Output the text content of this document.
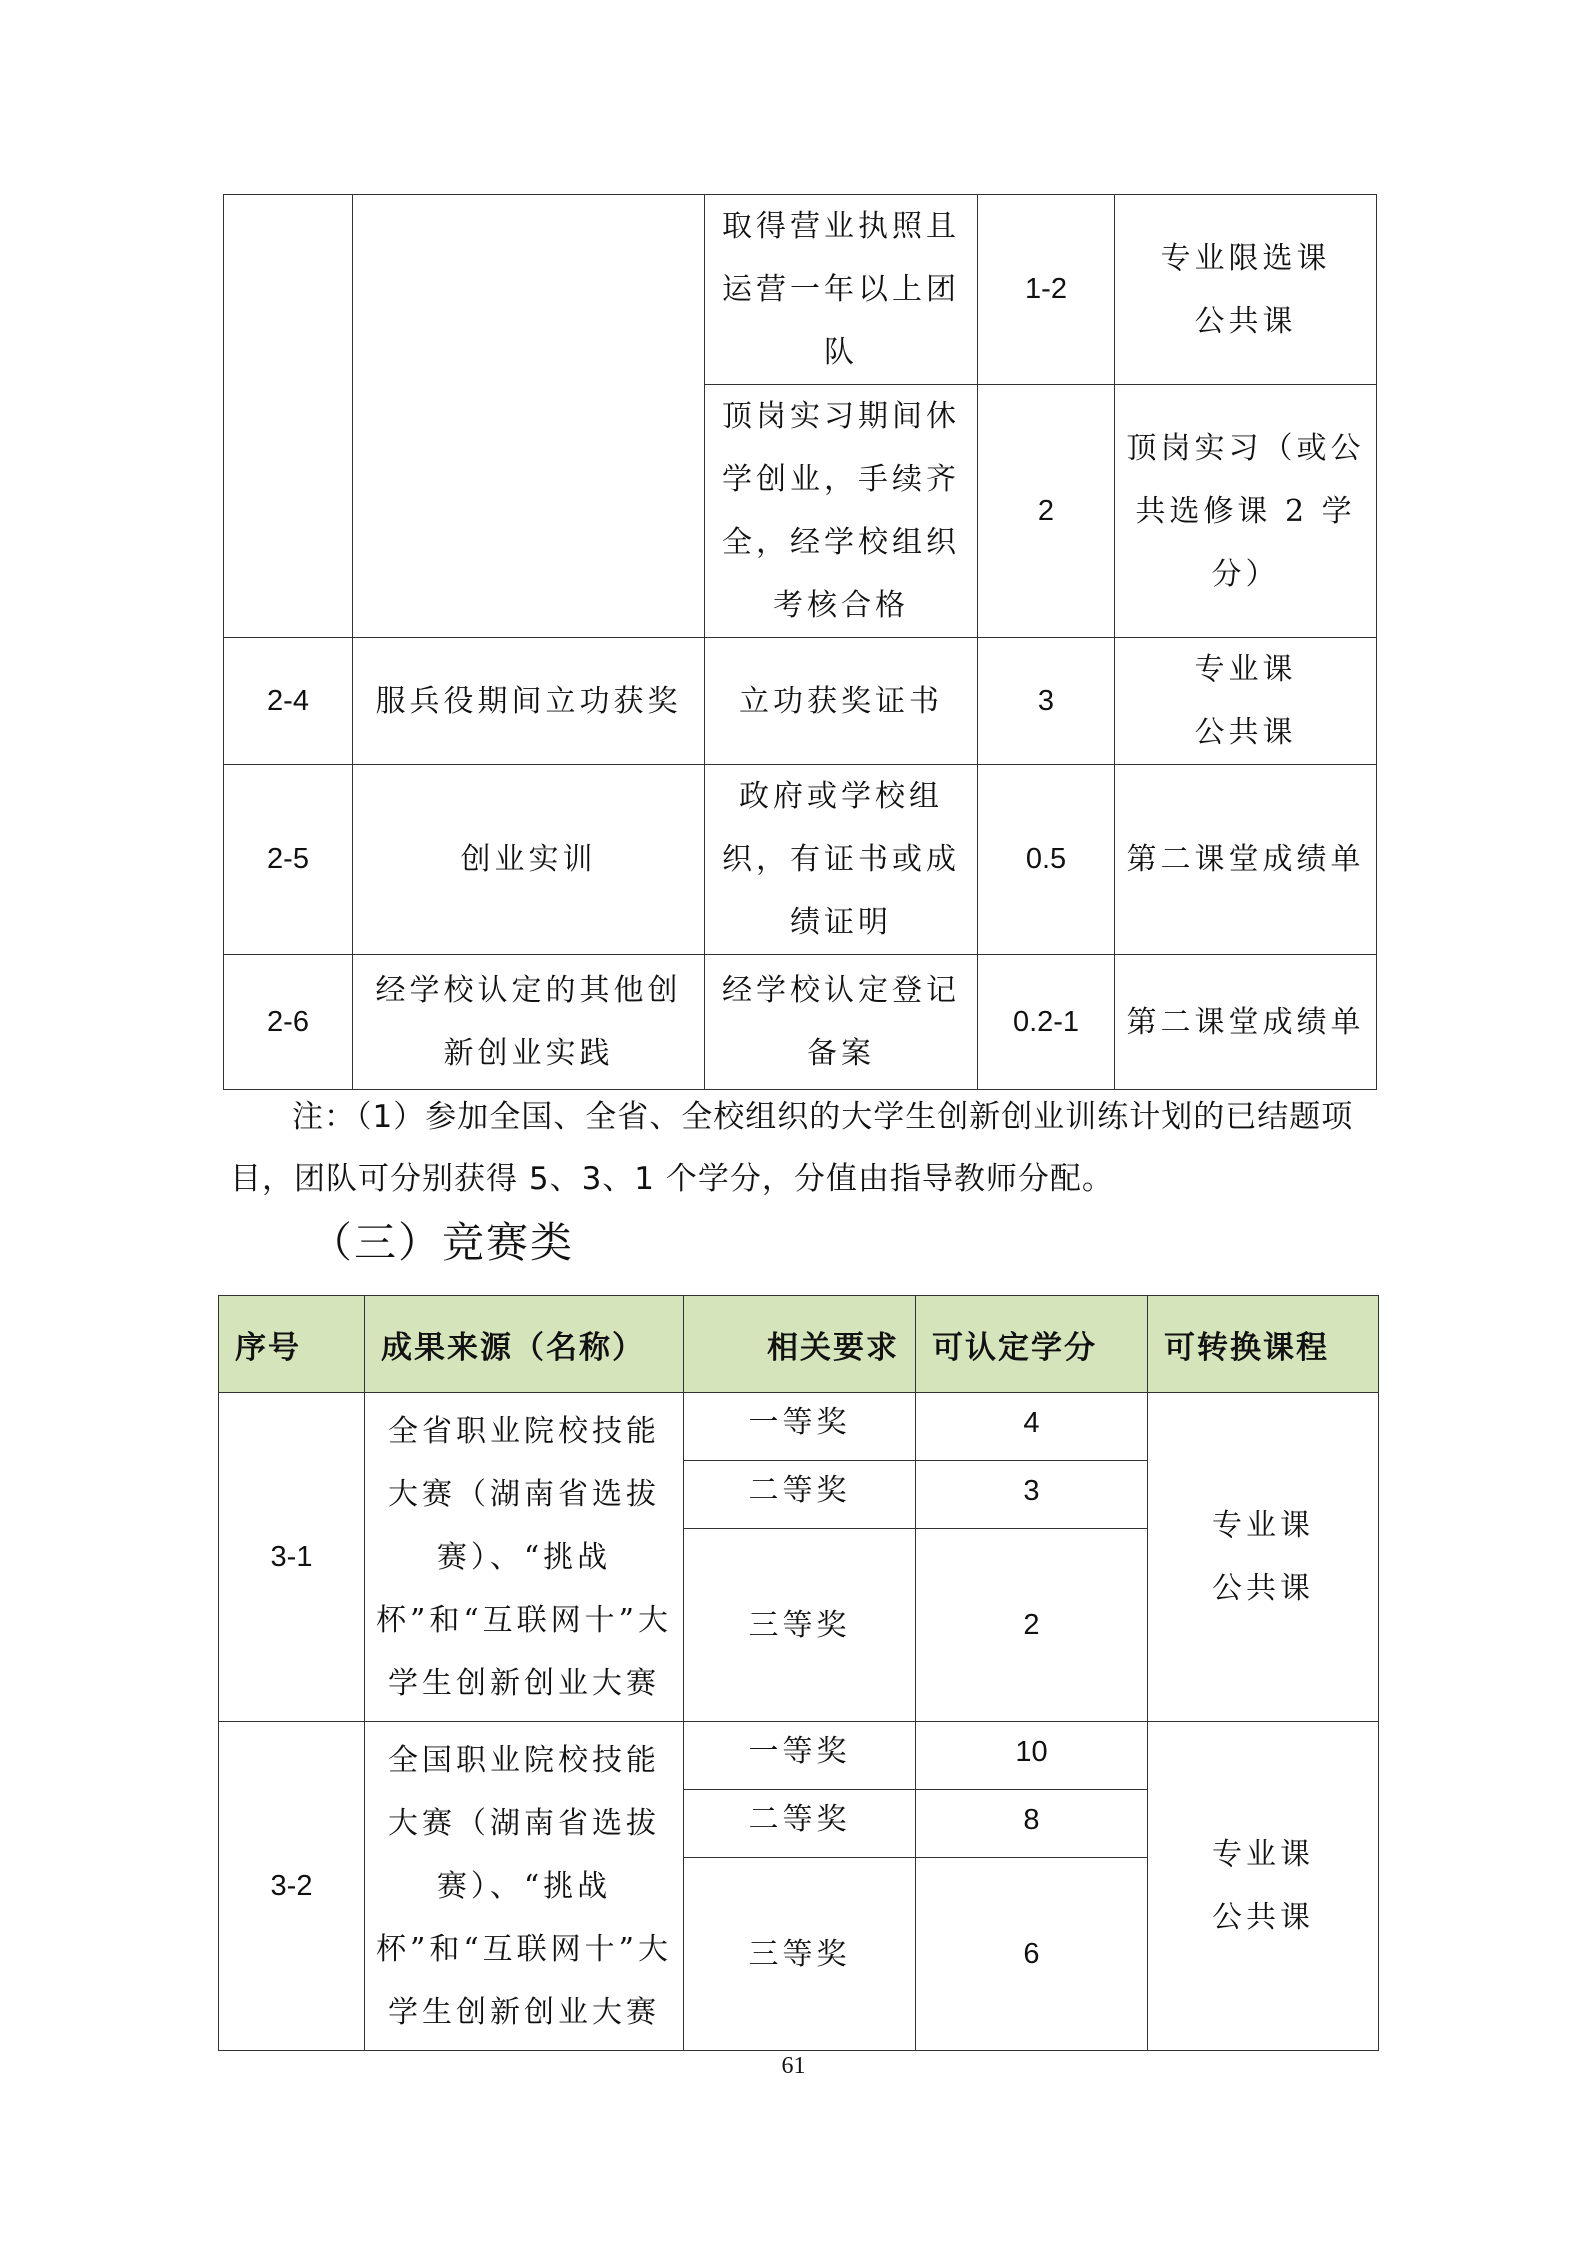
		取得营业执照且运营一年以上团队	1-2	专业限选课
公共课
		顶岗实习期间休学创业，手续齐全，经学校组织考核合格	2	顶岗实习（或公共选修课 2 学分）
2-4	服兵役期间立功获奖	立功获奖证书	3	专业课
公共课
2-5	创业实训	政府或学校组织，有证书或成绩证明	0.5	第二课堂成绩单
2-6	经学校认定的其他创新创业实践	经学校认定登记备案	0.2-1	第二课堂成绩单

注：（1）参加全国、全省、全校组织的大学生创新创业训练计划的已结题项

目，团队可分别获得 5、3、1 个学分，分值由指导教师分配。

（三）竞赛类
序号	成果来源（名称）	相关要求	可认定学分	可转换课程
3-1	全省职业院校技能大赛（湖南省选拔赛）、“挑战杯”和“互联网十”大学生创新创业大赛	一等奖	4	专业课
公共课
		二等奖	3	
		三等奖	2	
3-2	全国职业院校技能大赛（湖南省选拔赛）、“挑战杯”和“互联网十”大学生创新创业大赛	一等奖	10	专业课
公共课
		二等奖	8	
		三等奖	6	
61
